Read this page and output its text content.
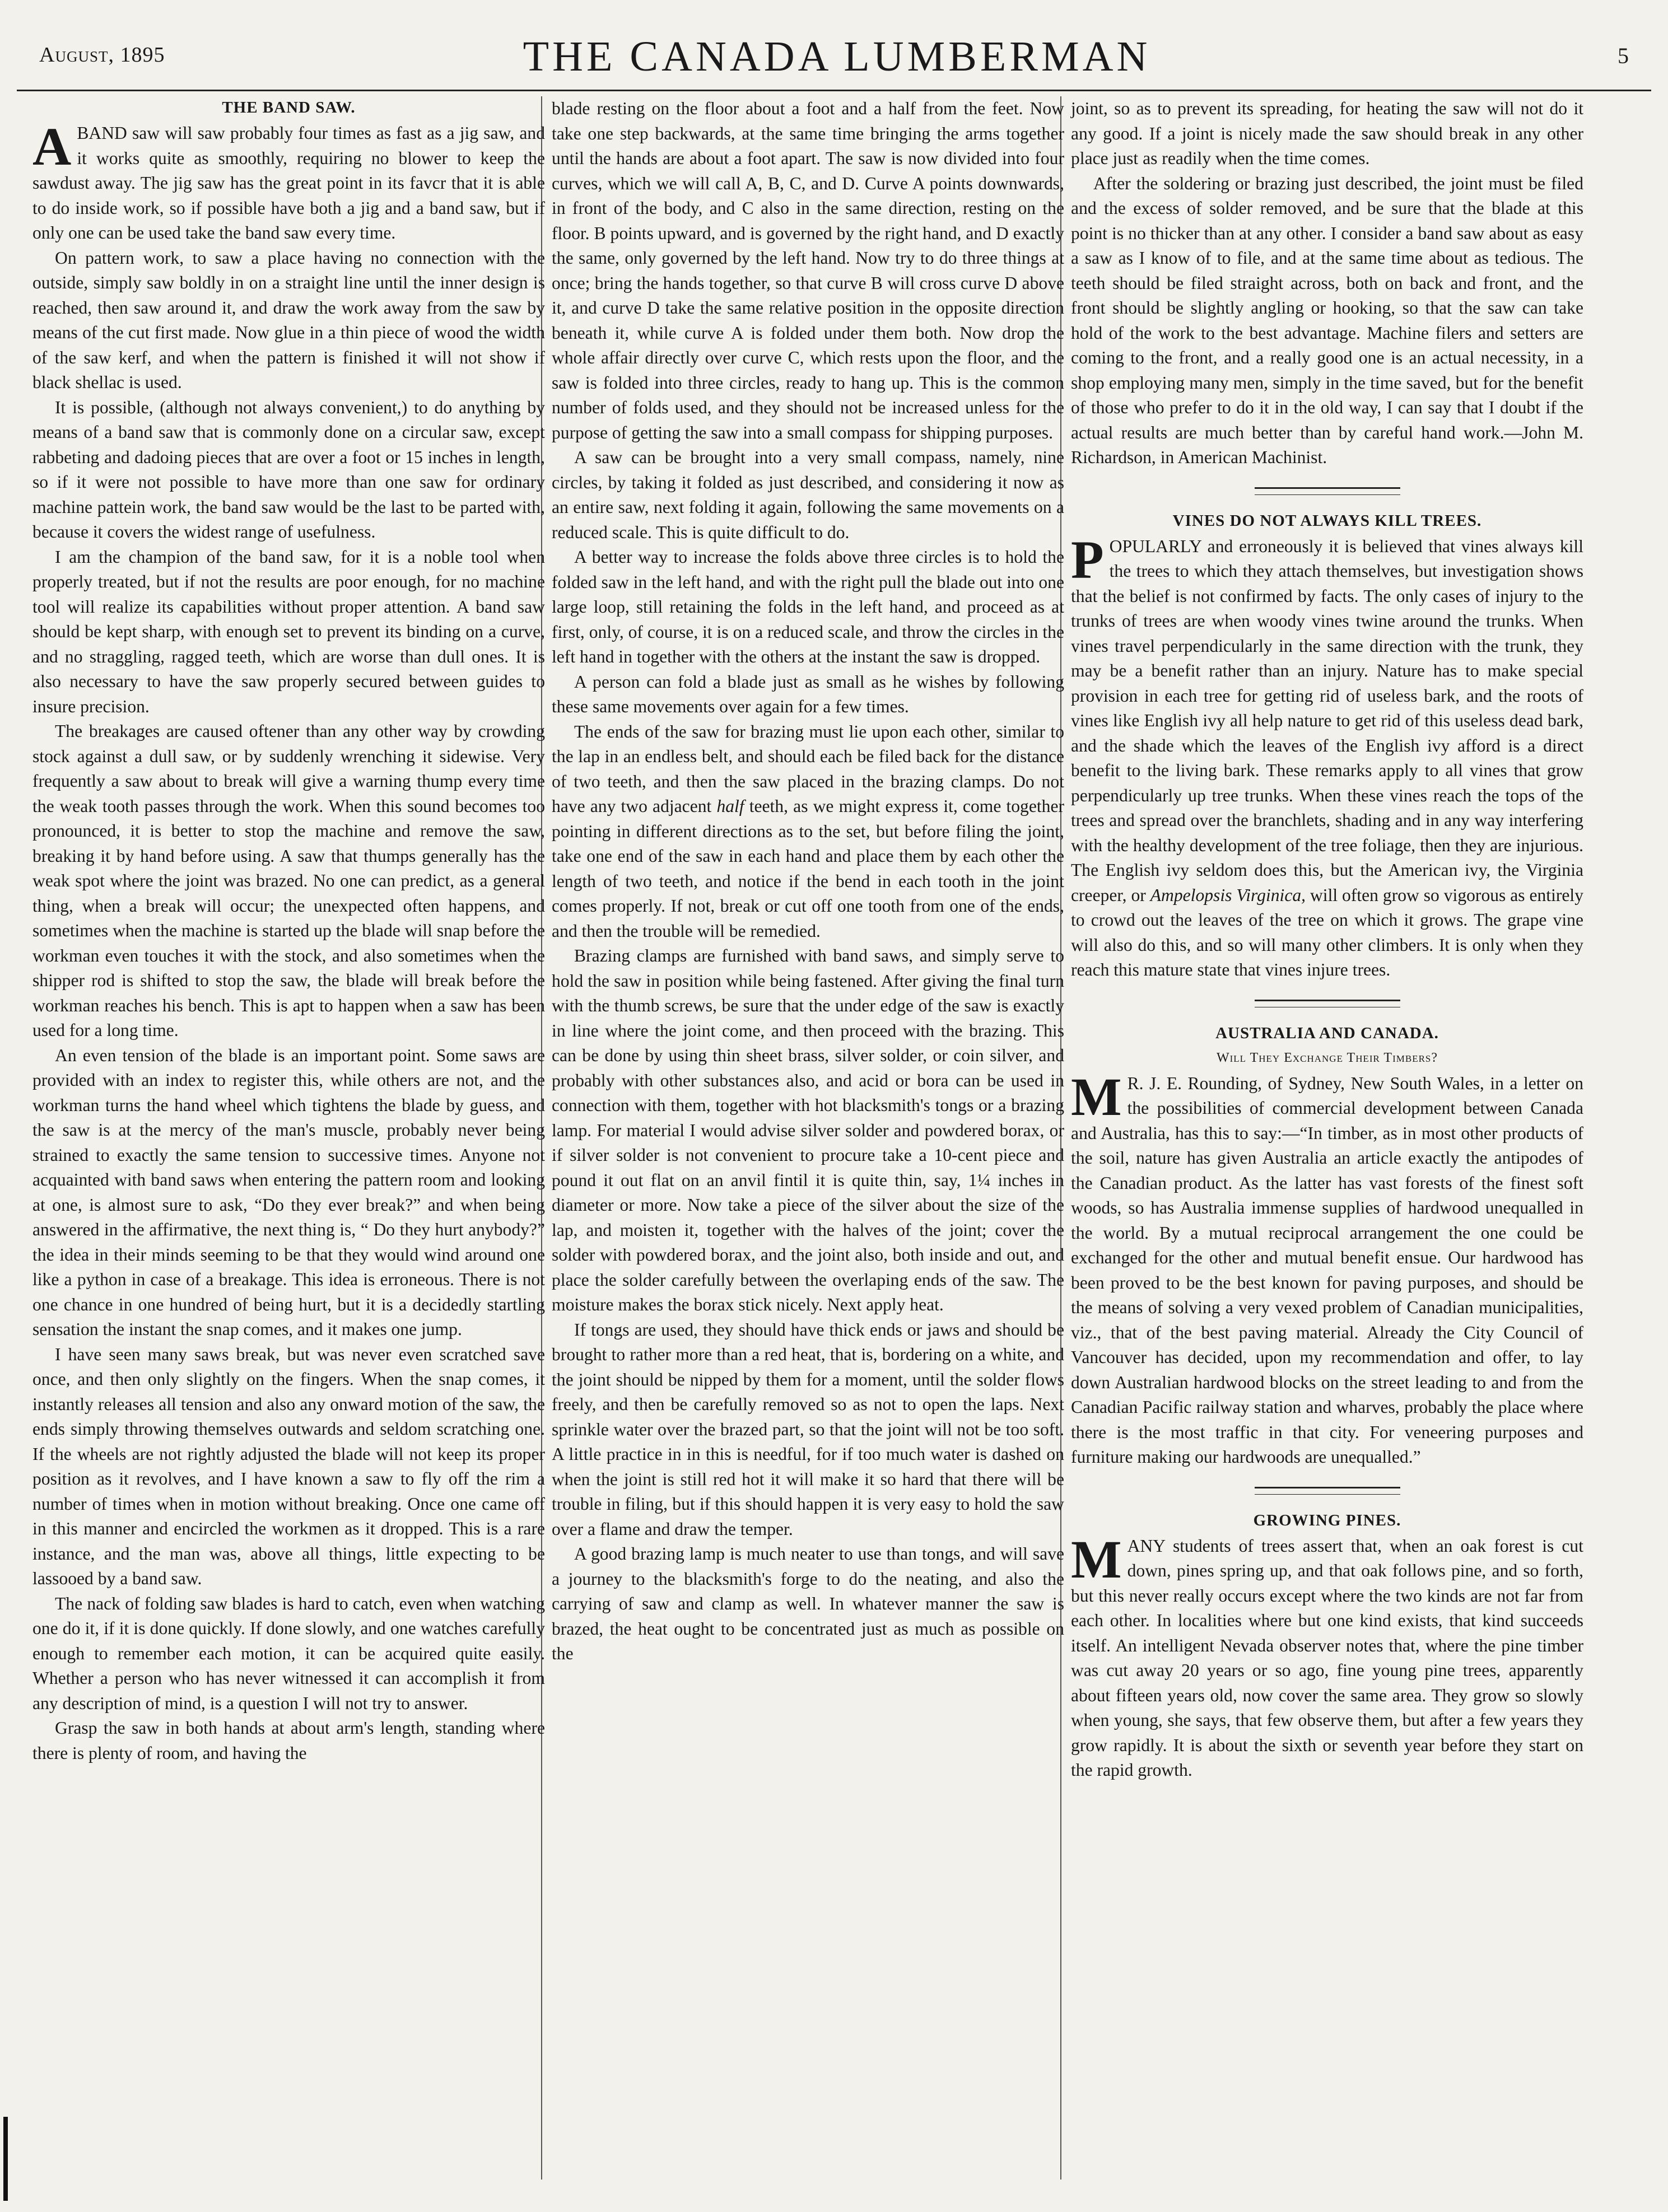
August, 1895	THE CANADA LUMBERMAN	5
THE BAND SAW.

ABAND saw will saw probably four times as fast as a jig saw, and it works quite as smoothly, requiring no blower to keep the sawdust away. The jig saw has the great point in its favcr that it is able to do inside work, so if possible have both a jig and a band saw, but if only one can be used take the band saw every time.

On pattern work, to saw a place having no connection with the outside, simply saw boldly in on a straight line until the inner design is reached, then saw around it, and draw the work away from the saw by means of the cut first made. Now glue in a thin piece of wood the width of the saw kerf, and when the pattern is finished it will not show if black shellac is used.

It is possible, (although not always convenient,) to do anything by means of a band saw that is commonly done on a circular saw, except rabbeting and dadoing pieces that are over a foot or 15 inches in length, so if it were not possible to have more than one saw for ordinary machine pattein work, the band saw would be the last to be parted with, because it covers the widest range of usefulness.

I am the champion of the band saw, for it is a noble tool when properly treated, but if not the results are poor enough, for no machine tool will realize its capabilities without proper attention. A band saw should be kept sharp, with enough set to prevent its binding on a curve, and no straggling, ragged teeth, which are worse than dull ones. It is also necessary to have the saw properly secured between guides to insure precision.

The breakages are caused oftener than any other way by crowding stock against a dull saw, or by suddenly wrenching it sidewise. Very frequently a saw about to break will give a warning thump every time the weak tooth passes through the work. When this sound becomes too pronounced, it is better to stop the machine and remove the saw, breaking it by hand before using. A saw that thumps generally has the weak spot where the joint was brazed. No one can predict, as a general thing, when a break will occur; the unexpected often happens, and sometimes when the machine is started up the blade will snap before the workman even touches it with the stock, and also sometimes when the shipper rod is shifted to stop the saw, the blade will break before the workman reaches his bench. This is apt to happen when a saw has been used for a long time.

An even tension of the blade is an important point. Some saws are provided with an index to register this, while others are not, and the workman turns the hand wheel which tightens the blade by guess, and the saw is at the mercy of the man's muscle, probably never being strained to exactly the same tension to successive times. Anyone not acquainted with band saws when entering the pattern room and looking at one, is almost sure to ask, “Do they ever break?” and when being answered in the affirmative, the next thing is, “ Do they hurt anybody?” the idea in their minds seeming to be that they would wind around one like a python in case of a breakage. This idea is erroneous. There is not one chance in one hundred of being hurt, but it is a decidedly startling sensation the instant the snap comes, and it makes one jump.

I have seen many saws break, but was never even scratched save once, and then only slightly on the fingers. When the snap comes, it instantly releases all tension and also any onward motion of the saw, the ends simply throwing themselves outwards and seldom scratching one. If the wheels are not rightly adjusted the blade will not keep its proper position as it revolves, and I have known a saw to fly off the rim a number of times when in motion without breaking. Once one came off in this manner and encircled the workmen as it dropped. This is a rare instance, and the man was, above all things, little expecting to be lassooed by a band saw.

The nack of folding saw blades is hard to catch, even when watching one do it, if it is done quickly. If done slowly, and one watches carefully enough to remember each motion, it can be acquired quite easily. Whether a person who has never witnessed it can accomplish it from any description of mind, is a question I will not try to answer.

Grasp the saw in both hands at about arm's length, standing where there is plenty of room, and having the

blade resting on the floor about a foot and a half from the feet. Now take one step backwards, at the same time bringing the arms together until the hands are about a foot apart. The saw is now divided into four curves, which we will call A, B, C, and D. Curve A points downwards, in front of the body, and C also in the same direction, resting on the floor. B points upward, and is governed by the right hand, and D exactly the same, only governed by the left hand. Now try to do three things at once; bring the hands together, so that curve B will cross curve D above it, and curve D take the same relative position in the opposite direction beneath it, while curve A is folded under them both. Now drop the whole affair directly over curve C, which rests upon the floor, and the saw is folded into three circles, ready to hang up. This is the common number of folds used, and they should not be increased unless for the purpose of getting the saw into a small compass for shipping purposes.

A saw can be brought into a very small compass, namely, nine circles, by taking it folded as just described, and considering it now as an entire saw, next folding it again, following the same movements on a reduced scale. This is quite difficult to do.

A better way to increase the folds above three circles is to hold the folded saw in the left hand, and with the right pull the blade out into one large loop, still retaining the folds in the left hand, and proceed as at first, only, of course, it is on a reduced scale, and throw the circles in the left hand in together with the others at the instant the saw is dropped.

A person can fold a blade just as small as he wishes by following these same movements over again for a few times.

The ends of the saw for brazing must lie upon each other, similar to the lap in an endless belt, and should each be filed back for the distance of two teeth, and then the saw placed in the brazing clamps. Do not have any two adjacent half teeth, as we might express it, come together pointing in different directions as to the set, but before filing the joint, take one end of the saw in each hand and place them by each other the length of two teeth, and notice if the bend in each tooth in the joint comes properly. If not, break or cut off one tooth from one of the ends, and then the trouble will be remedied.

Brazing clamps are furnished with band saws, and simply serve to hold the saw in position while being fastened. After giving the final turn with the thumb screws, be sure that the under edge of the saw is exactly in line where the joint come, and then proceed with the brazing. This can be done by using thin sheet brass, silver solder, or coin silver, and probably with other substances also, and acid or bora can be used in connection with them, together with hot blacksmith's tongs or a brazing lamp. For material I would advise silver solder and powdered borax, or if silver solder is not convenient to procure take a 10-cent piece and pound it out flat on an anvil fintil it is quite thin, say, 1¼ inches in diameter or more. Now take a piece of the silver about the size of the lap, and moisten it, together with the halves of the joint; cover the solder with powdered borax, and the joint also, both inside and out, and place the solder carefully between the overlaping ends of the saw. The moisture makes the borax stick nicely. Next apply heat.

If tongs are used, they should have thick ends or jaws and should be brought to rather more than a red heat, that is, bordering on a white, and the joint should be nipped by them for a moment, until the solder flows freely, and then be carefully removed so as not to open the laps. Next sprinkle water over the brazed part, so that the joint will not be too soft. A little practice in in this is needful, for if too much water is dashed on when the joint is still red hot it will make it so hard that there will be trouble in filing, but if this should happen it is very easy to hold the saw over a flame and draw the temper.

A good brazing lamp is much neater to use than tongs, and will save a journey to the blacksmith's forge to do the neating, and also the carrying of saw and clamp as well. In whatever manner the saw is brazed, the heat ought to be concentrated just as much as possible on the

joint, so as to prevent its spreading, for heating the saw will not do it any good. If a joint is nicely made the saw should break in any other place just as readily when the time comes.

After the soldering or brazing just described, the joint must be filed and the excess of solder removed, and be sure that the blade at this point is no thicker than at any other. I consider a band saw about as easy a saw as I know of to file, and at the same time about as tedious. The teeth should be filed straight across, both on back and front, and the front should be slightly angling or hooking, so that the saw can take hold of the work to the best advantage. Machine filers and setters are coming to the front, and a really good one is an actual necessity, in a shop employing many men, simply in the time saved, but for the benefit of those who prefer to do it in the old way, I can say that I doubt if the actual results are much better than by careful hand work.—John M. Richardson, in American Machinist.

VINES DO NOT ALWAYS KILL TREES.

POPULARLY and erroneously it is believed that vines always kill the trees to which they attach themselves, but investigation shows that the belief is not confirmed by facts. The only cases of injury to the trunks of trees are when woody vines twine around the trunks. When vines travel perpendicularly in the same direction with the trunk, they may be a benefit rather than an injury. Nature has to make special provision in each tree for getting rid of useless bark, and the roots of vines like English ivy all help nature to get rid of this useless dead bark, and the shade which the leaves of the English ivy afford is a direct benefit to the living bark. These remarks apply to all vines that grow perpendicularly up tree trunks. When these vines reach the tops of the trees and spread over the branchlets, shading and in any way interfering with the healthy development of the tree foliage, then they are injurious. The English ivy seldom does this, but the American ivy, the Virginia creeper, or Ampelopsis Virginica, will often grow so vigorous as entirely to crowd out the leaves of the tree on which it grows. The grape vine will also do this, and so will many other climbers. It is only when they reach this mature state that vines injure trees.

AUSTRALIA AND CANADA.
Will They Exchange Their Timbers?

M R. J. E. Rounding, of Sydney, New South Wales, in a letter on the possibilities of commercial development between Canada and Australia, has this to say:—“In timber, as in most other products of the soil, nature has given Australia an article exactly the antipodes of the Canadian product. As the latter has vast forests of the finest soft woods, so has Australia immense supplies of hardwood unequalled in the world. By a mutual reciprocal arrangement the one could be exchanged for the other and mutual benefit ensue. Our hardwood has been proved to be the best known for paving purposes, and should be the means of solving a very vexed problem of Canadian municipalities, viz., that of the best paving material. Already the City Council of Vancouver has decided, upon my recommendation and offer, to lay down Australian hardwood blocks on the street leading to and from the Canadian Pacific railway station and wharves, probably the place where there is the most traffic in that city. For veneering purposes and furniture making our hardwoods are unequalled.”

GROWING PINES.

MANY students of trees assert that, when an oak forest is cut down, pines spring up, and that oak follows pine, and so forth, but this never really occurs except where the two kinds are not far from each other. In localities where but one kind exists, that kind succeeds itself. An intelligent Nevada observer notes that, where the pine timber was cut away 20 years or so ago, fine young pine trees, apparently about fifteen years old, now cover the same area. They grow so slowly when young, she says, that few observe them, but after a few years they grow rapidly. It is about the sixth or seventh year before they start on the rapid growth.
